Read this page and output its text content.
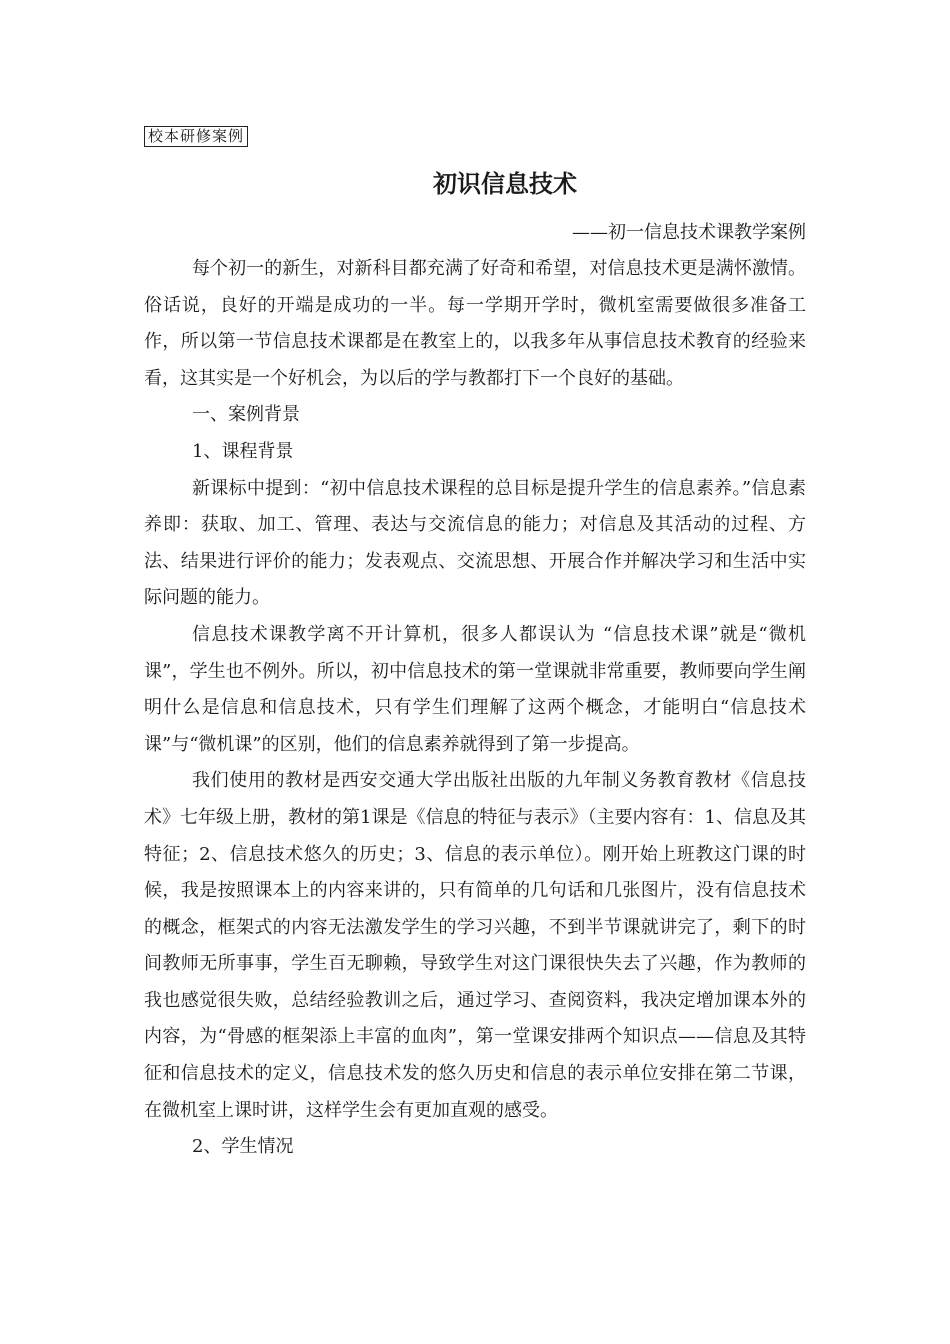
校本研修案例
初识信息技术
——初一信息技术课教学案例

每个初一的新生，对新科目都充满了好奇和希望，对信息技术更是满怀激情。俗话说，良好的开端是成功的一半。每一学期开学时，微机室需要做很多准备工作，所以第一节信息技术课都是在教室上的，以我多年从事信息技术教育的经验来看，这其实是一个好机会，为以后的学与教都打下一个良好的基础。

一、案例背景

1、课程背景

新课标中提到：“初中信息技术课程的总目标是提升学生的信息素养。”信息素养即：获取、加工、管理、表达与交流信息的能力；对信息及其活动的过程、方法、结果进行评价的能力；发表观点、交流思想、开展合作并解决学习和生活中实际问题的能力。

信息技术课教学离不开计算机，很多人都误认为 “信息技术课”就是“微机课”，学生也不例外。所以，初中信息技术的第一堂课就非常重要，教师要向学生阐明什么是信息和信息技术，只有学生们理解了这两个概念，才能明白“信息技术课”与“微机课”的区别，他们的信息素养就得到了第一步提高。

我们使用的教材是西安交通大学出版社出版的九年制义务教育教材《信息技术》七年级上册，教材的第1课是《信息的特征与表示》（主要内容有：1、信息及其特征；2、信息技术悠久的历史；3、信息的表示单位）。刚开始上班教这门课的时候，我是按照课本上的内容来讲的，只有简单的几句话和几张图片，没有信息技术的概念，框架式的内容无法激发学生的学习兴趣，不到半节课就讲完了，剩下的时间教师无所事事，学生百无聊赖，导致学生对这门课很快失去了兴趣，作为教师的我也感觉很失败，总结经验教训之后，通过学习、查阅资料，我决定增加课本外的内容，为“骨感的框架添上丰富的血肉”，第一堂课安排两个知识点——信息及其特征和信息技术的定义，信息技术发的悠久历史和信息的表示单位安排在第二节课，在微机室上课时讲，这样学生会有更加直观的感受。

2、学生情况
